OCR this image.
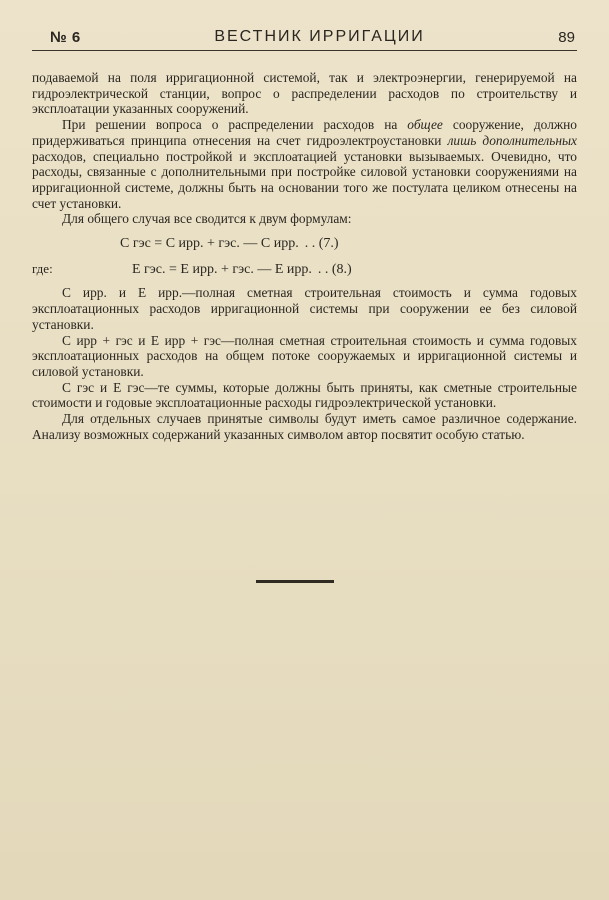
№ 6	ВЕСТНИК ИРРИГАЦИИ	89

подаваемой на поля ирригационной системой, так и электроэнергии, генерируемой на гидроэлектрической станции, вопрос о распределении расходов по строительству и эксплоатации указанных сооружений.

При решении вопроса о распределении расходов на общее сооружение, должно придерживаться принципа отнесения на счет гидроэлектроустановки лишь дополнительных расходов, специально постройкой и эксплоатацией установки вызываемых. Очевидно, что расходы, связанные с дополнительными при постройке силовой установки сооружениями на ирригационной системе, должны быть на основании того же постулата целиком отнесены на счет установки.

Для общего случая все сводится к двум формулам:

С гэс = С ирр. + гэс. — С ирр. . . (7.)
где:	Е гэс. = Е ирр. + гэс. — Е ирр. . . (8.)

С ирр. и Е ирр.—полная сметная строительная стоимость и сумма годовых эксплоатационных расходов ирригационной системы при сооружении ее без силовой установки.

С ирр + гэс и Е ирр + гэс—полная сметная строительная стоимость и сумма годовых эксплоатационных расходов на общем потоке сооружаемых и ирригационной системы и силовой установки.

С гэс и Е гэс—те суммы, которые должны быть приняты, как сметные строительные стоимости и годовые эксплоатационные расходы гидроэлектрической установки.

Для отдельных случаев принятые символы будут иметь самое различное содержание. Анализу возможных содержаний указанных символом автор посвятит особую статью.
